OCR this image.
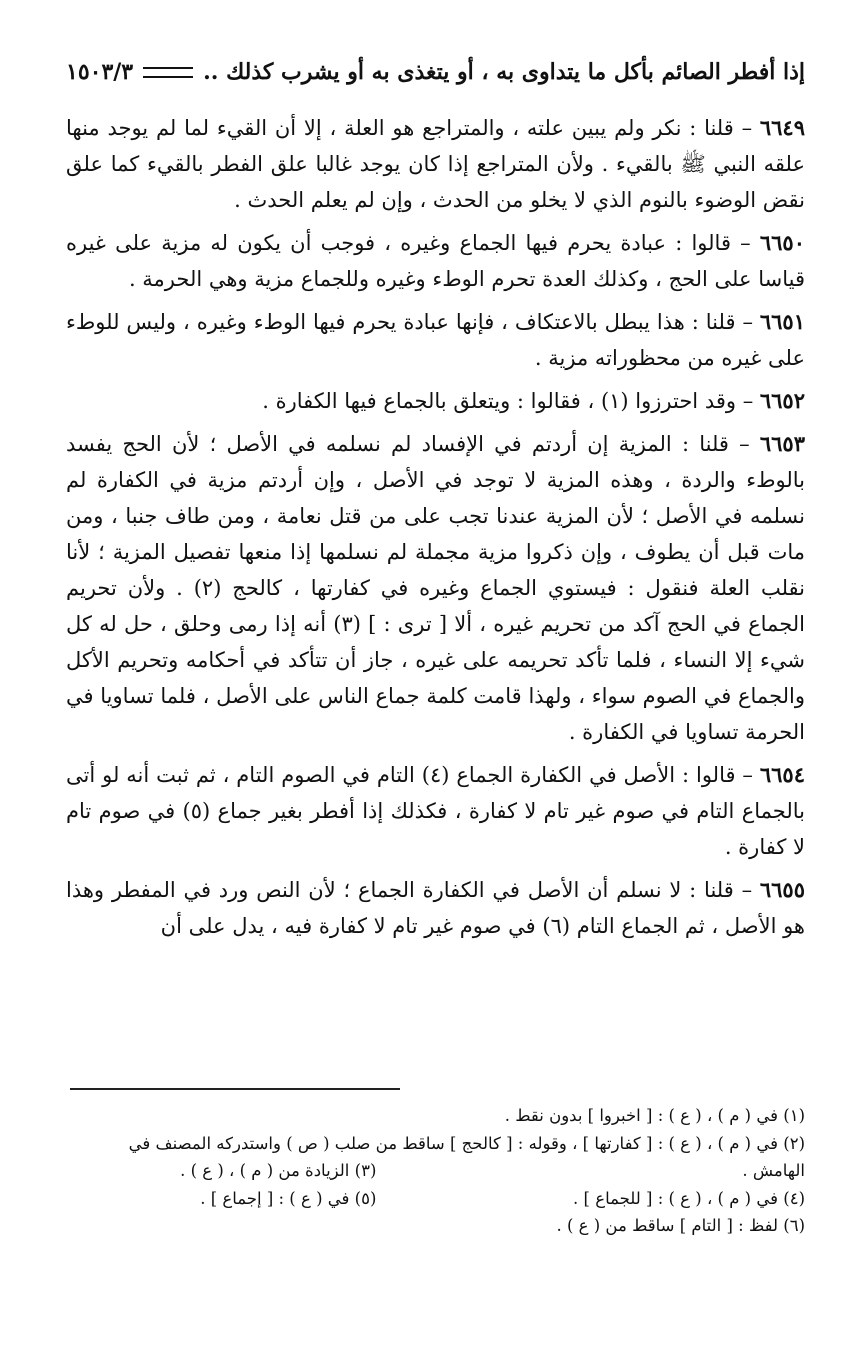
إذا أفطر الصائم بأكل ما يتداوى به ، أو يتغذى به أو يشرب كذلك ..
١٥٠٣/٣

٦٦٤٩ – قلنا : نكر ولم يبين علته ، والمتراجع هو العلة ، إلا أن القيء لما لم يوجد منها علقه النبي ﷺ بالقيء . ولأن المتراجع إذا كان يوجد غالبا علق الفطر بالقيء كما علق نقض الوضوء بالنوم الذي لا يخلو من الحدث ، وإن لم يعلم الحدث .

٦٦٥٠ – قالوا : عبادة يحرم فيها الجماع وغيره ، فوجب أن يكون له مزية على غيره قياسا على الحج ، وكذلك العدة تحرم الوطء وغيره وللجماع مزية وهي الحرمة .

٦٦٥١ – قلنا : هذا يبطل بالاعتكاف ، فإنها عبادة يحرم فيها الوطء وغيره ، وليس للوطء على غيره من محظوراته مزية .

٦٦٥٢ – وقد احترزوا (١) ، فقالوا : ويتعلق بالجماع فيها الكفارة .

٦٦٥٣ – قلنا : المزية إن أردتم في الإفساد لم نسلمه في الأصل ؛ لأن الحج يفسد بالوطء والردة ، وهذه المزية لا توجد في الأصل ، وإن أردتم مزية في الكفارة لم نسلمه في الأصل ؛ لأن المزية عندنا تجب على من قتل نعامة ، ومن طاف جنبا ، ومن مات قبل أن يطوف ، وإن ذكروا مزية مجملة لم نسلمها إذا منعها تفصيل المزية ؛ لأنا نقلب العلة فنقول : فيستوي الجماع وغيره في كفارتها ، كالحج (٢) . ولأن تحريم الجماع في الحج آكد من تحريم غيره ، ألا [ ترى : ] (٣) أنه إذا رمى وحلق ، حل له كل شيء إلا النساء ، فلما تأكد تحريمه على غيره ، جاز أن تتأكد في أحكامه وتحريم الأكل والجماع في الصوم سواء ، ولهذا قامت كلمة جماع الناس على الأصل ، فلما تساويا في الحرمة تساويا في الكفارة .

٦٦٥٤ – قالوا : الأصل في الكفارة الجماع (٤) التام في الصوم التام ، ثم ثبت أنه لو أتى بالجماع التام في صوم غير تام لا كفارة ، فكذلك إذا أفطر بغير جماع (٥) في صوم تام لا كفارة .

٦٦٥٥ – قلنا : لا نسلم أن الأصل في الكفارة الجماع ؛ لأن النص ورد في المفطر وهذا هو الأصل ، ثم الجماع التام (٦) في صوم غير تام لا كفارة فيه ، يدل على أن

(١) في ( م ) ، ( ع ) : [ اخبروا ] بدون نقط .
(٢) في ( م ) ، ( ع ) : [ كفارتها ] ، وقوله : [ كالحج ] ساقط من صلب ( ص ) واستدركه المصنف في
الهامش .
(٣) الزيادة من ( م ) ، ( ع ) .
(٤) في ( م ) ، ( ع ) : [ للجماع ] .
(٥) في ( ع ) : [ إجماع ] .
(٦) لفظ : [ التام ] ساقط من ( ع ) .
